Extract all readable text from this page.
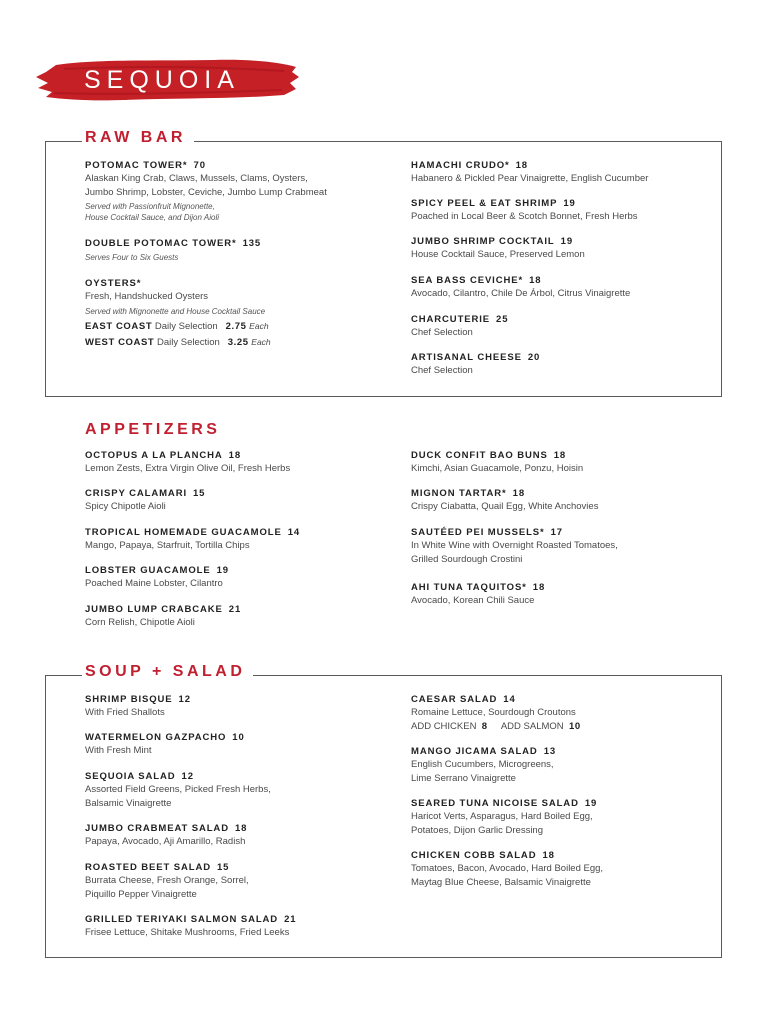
SEQUOIA
RAW BAR
POTOMAC TOWER* 70
Alaskan King Crab, Claws, Mussels, Clams, Oysters,
Jumbo Shrimp, Lobster, Ceviche, Jumbo Lump Crabmeat
Served with Passionfruit Mignonette,
House Cocktail Sauce, and Dijon Aioli
DOUBLE POTOMAC TOWER* 135
Serves Four to Six Guests
OYSTERS*
Fresh, Handshucked Oysters
Served with Mignonette and House Cocktail Sauce
EAST COAST Daily Selection 2.75 Each
WEST COAST Daily Selection 3.25 Each
HAMACHI CRUDO* 18
Habanero & Pickled Pear Vinaigrette, English Cucumber
SPICY PEEL & EAT SHRIMP 19
Poached in Local Beer & Scotch Bonnet, Fresh Herbs
JUMBO SHRIMP COCKTAIL 19
House Cocktail Sauce, Preserved Lemon
SEA BASS CEVICHE* 18
Avocado, Cilantro, Chile De Árbol, Citrus Vinaigrette
CHARCUTERIE 25
Chef Selection
ARTISANAL CHEESE 20
Chef Selection
APPETIZERS
OCTOPUS A LA PLANCHA 18
Lemon Zests, Extra Virgin Olive Oil, Fresh Herbs
CRISPY CALAMARI 15
Spicy Chipotle Aioli
TROPICAL HOMEMADE GUACAMOLE 14
Mango, Papaya, Starfruit, Tortilla Chips
LOBSTER GUACAMOLE 19
Poached Maine Lobster, Cilantro
JUMBO LUMP CRABCAKE 21
Corn Relish, Chipotle Aioli
DUCK CONFIT BAO BUNS 18
Kimchi, Asian Guacamole, Ponzu, Hoisin
MIGNON TARTAR* 18
Crispy Ciabatta, Quail Egg, White Anchovies
SAUTÉED PEI MUSSELS* 17
In White Wine with Overnight Roasted Tomatoes,
Grilled Sourdough Crostini
AHI TUNA TAQUITOS* 18
Avocado, Korean Chili Sauce
SOUP + SALAD
SHRIMP BISQUE 12
With Fried Shallots
WATERMELON GAZPACHO 10
With Fresh Mint
SEQUOIA SALAD 12
Assorted Field Greens, Picked Fresh Herbs,
Balsamic Vinaigrette
JUMBO CRABMEAT SALAD 18
Papaya, Avocado, Aji Amarillo, Radish
ROASTED BEET SALAD 15
Burrata Cheese, Fresh Orange, Sorrel,
Piquillo Pepper Vinaigrette
GRILLED TERIYAKI SALMON SALAD 21
Frisee Lettuce, Shitake Mushrooms, Fried Leeks
CAESAR SALAD 14
Romaine Lettuce, Sourdough Croutons
ADD CHICKEN 8 ADD SALMON 10
MANGO JICAMA SALAD 13
English Cucumbers, Microgreens,
Lime Serrano Vinaigrette
SEARED TUNA NICOISE SALAD 19
Haricot Verts, Asparagus, Hard Boiled Egg,
Potatoes, Dijon Garlic Dressing
CHICKEN COBB SALAD 18
Tomatoes, Bacon, Avocado, Hard Boiled Egg,
Maytag Blue Cheese, Balsamic Vinaigrette
